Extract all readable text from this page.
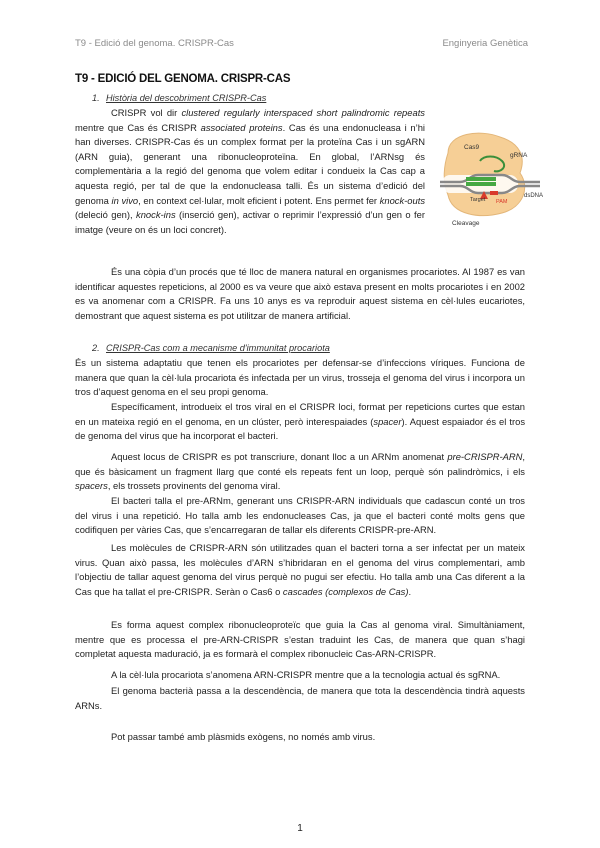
T9 - Edició del genoma. CRISPR-Cas	Enginyeria Genètica
T9 - EDICIÓ DEL GENOMA. CRISPR-CAS
1. Història del descobriment CRISPR-Cas
CRISPR vol dir clustered regularly interspaced short palindromic repeats mentre que Cas és CRISPR associated proteins. Cas és una endonucleasa i n’hi han diverses. CRISPR-Cas és un complex format per la proteïna Cas i un sgARN (ARN guia), generant una ribonucleoproteïna. En global, l’ARNsg és complementària a la regió del genoma que volem editar i condueix la Cas cap a aquesta regió, per tal de que la endonucleasa talli. És un sistema d’edició del genoma in vivo, en context cel·lular, molt eficient i potent. Ens permet fer knock-outs (deleció gen), knock-ins (inserció gen), activar o reprimir l’expressió d’un gen o fer imatge (veure on és un loci concret).
Cas9
gRNA
Target PAM
dsDNA
Cleavage
És una còpia d’un procés que té lloc de manera natural en organismes procariotes. Al 1987 es van identificar aquestes repeticions, al 2000 es va veure que això estava present en molts procariotes i en 2002 es va anomenar com a CRISPR. Fa uns 10 anys es va reproduir aquest sistema en cèl·lules eucariotes, demostrant que aquest sistema es pot utilitzar de manera artificial.
2. CRISPR-Cas com a mecanisme d'immunitat procariota
És un sistema adaptatiu que tenen els procariotes per defensar-se d’infeccions víriques. Funciona de manera que quan la cèl·lula procariota és infectada per un virus, trosseja el genoma del virus i incorpora un tros d’aquest genoma en el seu propi genoma.
Específicament, introdueix el tros viral en el CRISPR loci, format per repeticions curtes que estan en un mateixa regió en el genoma, en un clúster, però interespaiades (spacer). Aquest espaiador és el tros de genoma del virus que ha incorporat el bacteri.
Aquest locus de CRISPR es pot transcriure, donant lloc a un ARNm anomenat pre-CRISPR-ARN, que és bàsicament un fragment llarg que conté els repeats fent un loop, perquè són palindròmics, i els spacers, els trossets provinents del genoma viral.
El bacteri talla el pre-ARNm, generant uns CRISPR-ARN individuals que cadascun conté un tros del virus i una repetició. Ho talla amb les endonucleases Cas, ja que el bacteri conté molts gens que codifiquen per vàries Cas, que s’encarregaran de tallar els diferents CRISPR-pre-ARN.
Les molècules de CRISPR-ARN són utilitzades quan el bacteri torna a ser infectat per un mateix virus. Quan això passa, les molècules d’ARN s’hibridaran en el genoma del virus complementari, amb l’objectiu de tallar aquest genoma del virus perquè no pugui ser efectiu. Ho talla amb una Cas diferent a la Cas que ha tallat el pre-CRISPR. Seràn o Cas6 o cascades (complexos de Cas).
Es forma aquest complex ribonucleoproteïc que guia la Cas al genoma viral. Simultàniament, mentre que es processa el pre-ARN-CRISPR s’estan traduint les Cas, de manera que quan s’hagi completat aquesta maduració, ja es formarà el complex ribonucleic Cas-ARN-CRISPR.
A la cèl·lula procariota s’anomena ARN-CRISPR mentre que a la tecnologia actual és sgRNA.
El genoma bacterià passa a la descendència, de manera que tota la descendència tindrà aquests ARNs.
Pot passar també amb plàsmids exògens, no només amb virus.
1
